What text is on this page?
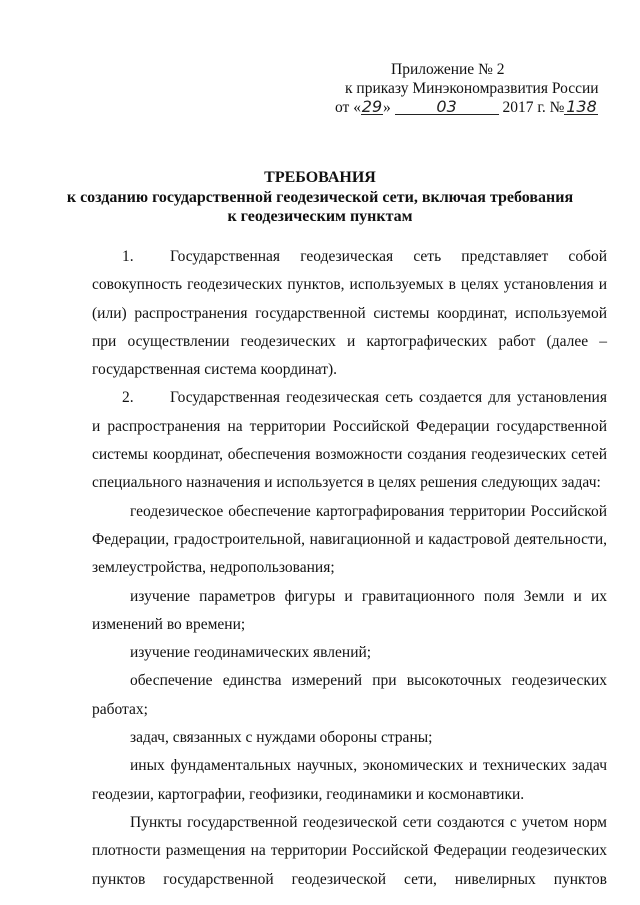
Приложение № 2
к приказу Минэкономразвития России
от «29»	03	2017 г. № 138
ТРЕБОВАНИЯ
к созданию государственной геодезической сети, включая требования
к геодезическим пунктам

1. Государственная геодезическая сеть представляет собой совокупность геодезических пунктов, используемых в целях установления и (или) распространения государственной системы координат, используемой при осуществлении геодезических и картографических работ (далее – государственная система координат).

2. Государственная геодезическая сеть создается для установления и распространения на территории Российской Федерации государственной системы координат, обеспечения возможности создания геодезических сетей специального назначения и используется в целях решения следующих задач:

геодезическое обеспечение картографирования территории Российской Федерации, градостроительной, навигационной и кадастровой деятельности, землеустройства, недропользования;

изучение параметров фигуры и гравитационного поля Земли и их изменений во времени;

изучение геодинамических явлений;

обеспечение единства измерений при высокоточных геодезических работах;

задач, связанных с нуждами обороны страны;

иных фундаментальных научных, экономических и технических задач геодезии, картографии, геофизики, геодинамики и космонавтики.

Пункты государственной геодезической сети создаются с учетом норм плотности размещения на территории Российской Федерации геодезических пунктов государственной геодезической сети, нивелирных пунктов
